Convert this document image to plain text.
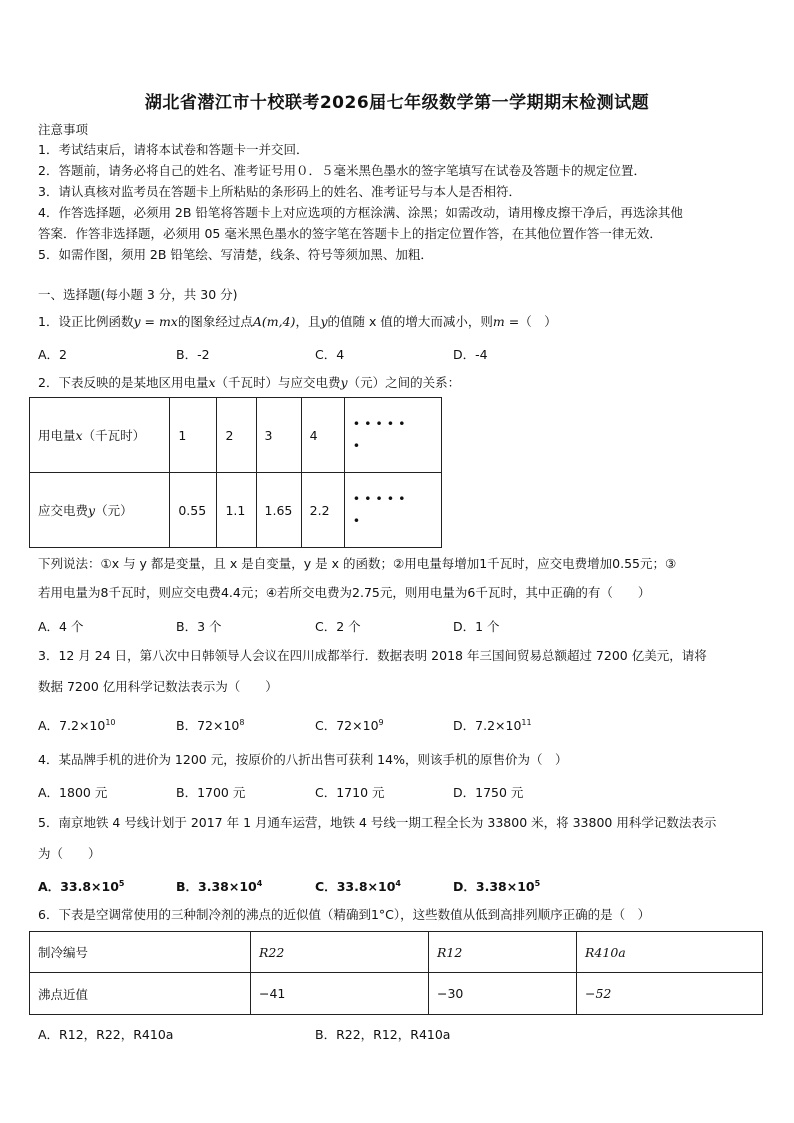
湖北省潜江市十校联考2026届七年级数学第一学期期末检测试题
注意事项
1．考试结束后，请将本试卷和答题卡一并交回．
2．答题前，请务必将自己的姓名、准考证号用０．５毫米黑色墨水的签字笔填写在试卷及答题卡的规定位置．
3．请认真核对监考员在答题卡上所粘贴的条形码上的姓名、准考证号与本人是否相符．
4．作答选择题，必须用 2B 铅笔将答题卡上对应选项的方框涂满、涂黑；如需改动，请用橡皮擦干净后，再选涂其他
答案．作答非选择题，必须用 05 毫米黑色墨水的签字笔在答题卡上的指定位置作答，在其他位置作答一律无效．
5．如需作图，须用 2B 铅笔绘、写清楚，线条、符号等须加黑、加粗．
一、选择题(每小题 3 分，共 30 分)
1．设正比例函数y = mx的图象经过点A(m,4)，且y的值随 x 值的增大而减小，则m =（　）
A．2	B．-2	C．4	D．-4
2．下表反映的是某地区用电量x（千瓦时）与应交电费y（元）之间的关系：
用电量x（千瓦时）	1	2	3	4	• • • • •
•
应交电费y（元）	0.55	1.1	1.65	2.2	• • • • •
•
下列说法：①x 与 y 都是变量，且 x 是自变量，y 是 x 的函数；②用电量每增加1千瓦时，应交电费增加0.55元；③
若用电量为8千瓦时，则应交电费4.4元；④若所交电费为2.75元，则用电量为6千瓦时，其中正确的有（　　）
A．4 个	B．3 个	C．2 个	D．1 个
3．12 月 24 日，第八次中日韩领导人会议在四川成都举行．数据表明 2018 年三国间贸易总额超过 7200 亿美元，请将
数据 7200 亿用科学记数法表示为（　　）
A．$7.2\times 10^{10}$	B．$72\times 10^8$	C．$72\times 10^9$	D．$7.2\times 10^{11}$
4．某品牌手机的进价为 1200 元，按原价的八折出售可获利 14%，则该手机的原售价为（　）
A．1800 元	B．1700 元	C．1710 元	D．1750 元
5．南京地铁 4 号线计划于 2017 年 1 月通车运营，地铁 4 号线一期工程全长为 33800 米，将 33800 用科学记数法表示
为（　　）
A．$33.8\times 10^5$	B．$3.38\times 10^4$	C．$33.8\times 10^4$	D．$3.38\times 10^5$
6．下表是空调常使用的三种制冷剂的沸点的近似值（精确到1°C），这些数值从低到高排列顺序正确的是（　）
制冷编号	R22	R12	R410a
沸点近值	−41	−30	−52
A．R12，R22，R410a	B．R22，R12，R410a
